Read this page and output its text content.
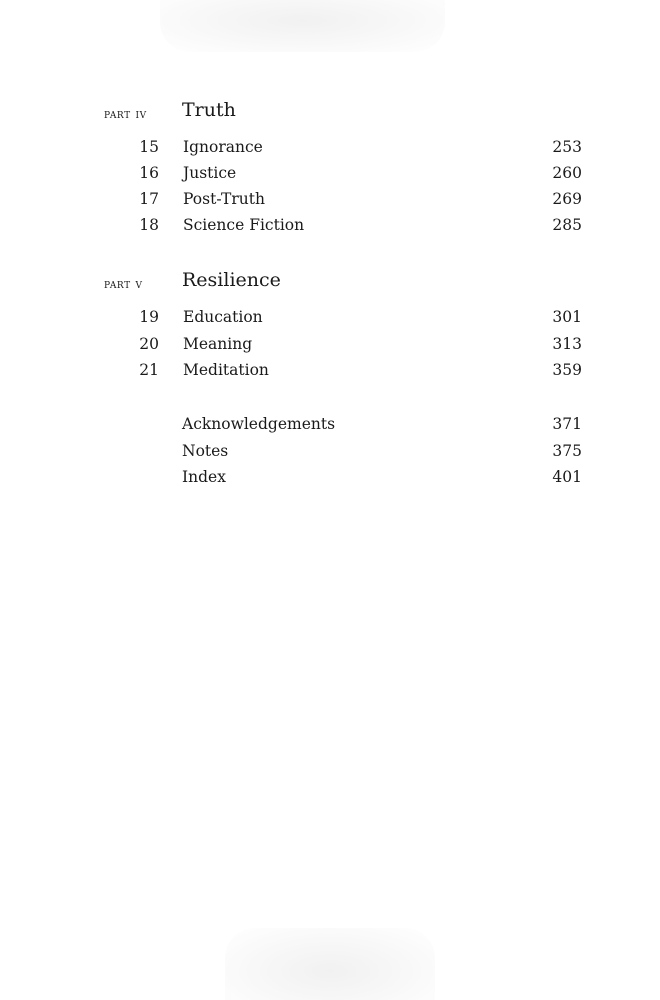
part iv Truth
15 Ignorance	253
16 Justice	260
17 Post-Truth	269
18 Science Fiction	285
part v Resilience
19 Education	301
20 Meaning	313
21 Meditation	359
Acknowledgements	371
Notes	375
Index	401
